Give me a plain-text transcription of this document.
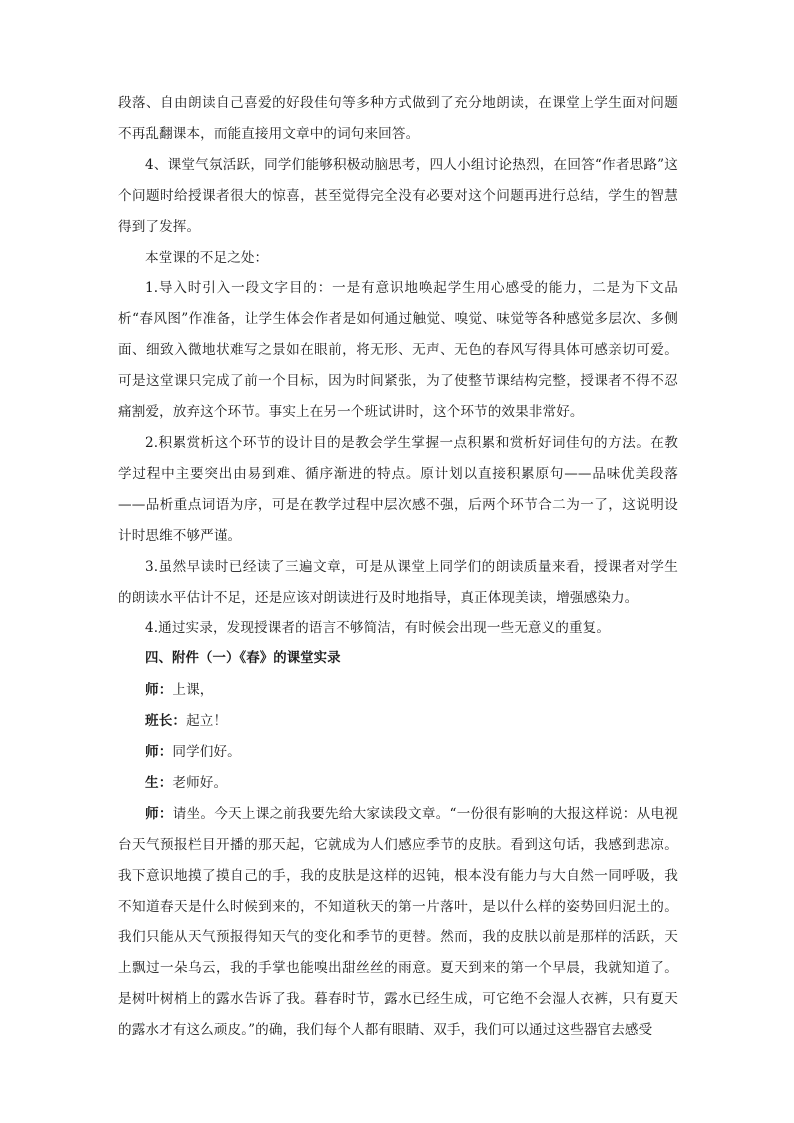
段落、自由朗读自己喜爱的好段佳句等多种方式做到了充分地朗读，在课堂上学生面对问题不再乱翻课本，而能直接用文章中的词句来回答。

4、课堂气氛活跃，同学们能够积极动脑思考，四人小组讨论热烈，在回答“作者思路”这个问题时给授课者很大的惊喜，甚至觉得完全没有必要对这个问题再进行总结，学生的智慧得到了发挥。

本堂课的不足之处：

1.导入时引入一段文字目的：一是有意识地唤起学生用心感受的能力，二是为下文品析“春风图”作准备，让学生体会作者是如何通过触觉、嗅觉、味觉等各种感觉多层次、多侧面、细致入微地状难写之景如在眼前，将无形、无声、无色的春风写得具体可感亲切可爱。可是这堂课只完成了前一个目标，因为时间紧张，为了使整节课结构完整，授课者不得不忍痛割爱，放弃这个环节。事实上在另一个班试讲时，这个环节的效果非常好。

2.积累赏析这个环节的设计目的是教会学生掌握一点积累和赏析好词佳句的方法。在教学过程中主要突出由易到难、循序渐进的特点。原计划以直接积累原句——品味优美段落——品析重点词语为序，可是在教学过程中层次感不强，后两个环节合二为一了，这说明设计时思维不够严谨。

3.虽然早读时已经读了三遍文章，可是从课堂上同学们的朗读质量来看，授课者对学生的朗读水平估计不足，还是应该对朗读进行及时地指导，真正体现美读，增强感染力。

4.通过实录，发现授课者的语言不够简洁，有时候会出现一些无意义的重复。

四、附件（一）《春》的课堂实录

师：上课，

班长：起立！

师：同学们好。

生：老师好。

师：请坐。今天上课之前我要先给大家读段文章。“一份很有影响的大报这样说：从电视台天气预报栏目开播的那天起，它就成为人们感应季节的皮肤。看到这句话，我感到悲凉。我下意识地摸了摸自己的手，我的皮肤是这样的迟钝，根本没有能力与大自然一同呼吸，我不知道春天是什么时候到来的，不知道秋天的第一片落叶，是以什么样的姿势回归泥土的。我们只能从天气预报得知天气的变化和季节的更替。然而，我的皮肤以前是那样的活跃，天上飘过一朵乌云，我的手掌也能嗅出甜丝丝的雨意。夏天到来的第一个早晨，我就知道了。是树叶树梢上的露水告诉了我。暮春时节，露水已经生成，可它绝不会湿人衣裤，只有夏天的露水才有这么顽皮。”的确，我们每个人都有眼睛、双手，我们可以通过这些器官去感受
